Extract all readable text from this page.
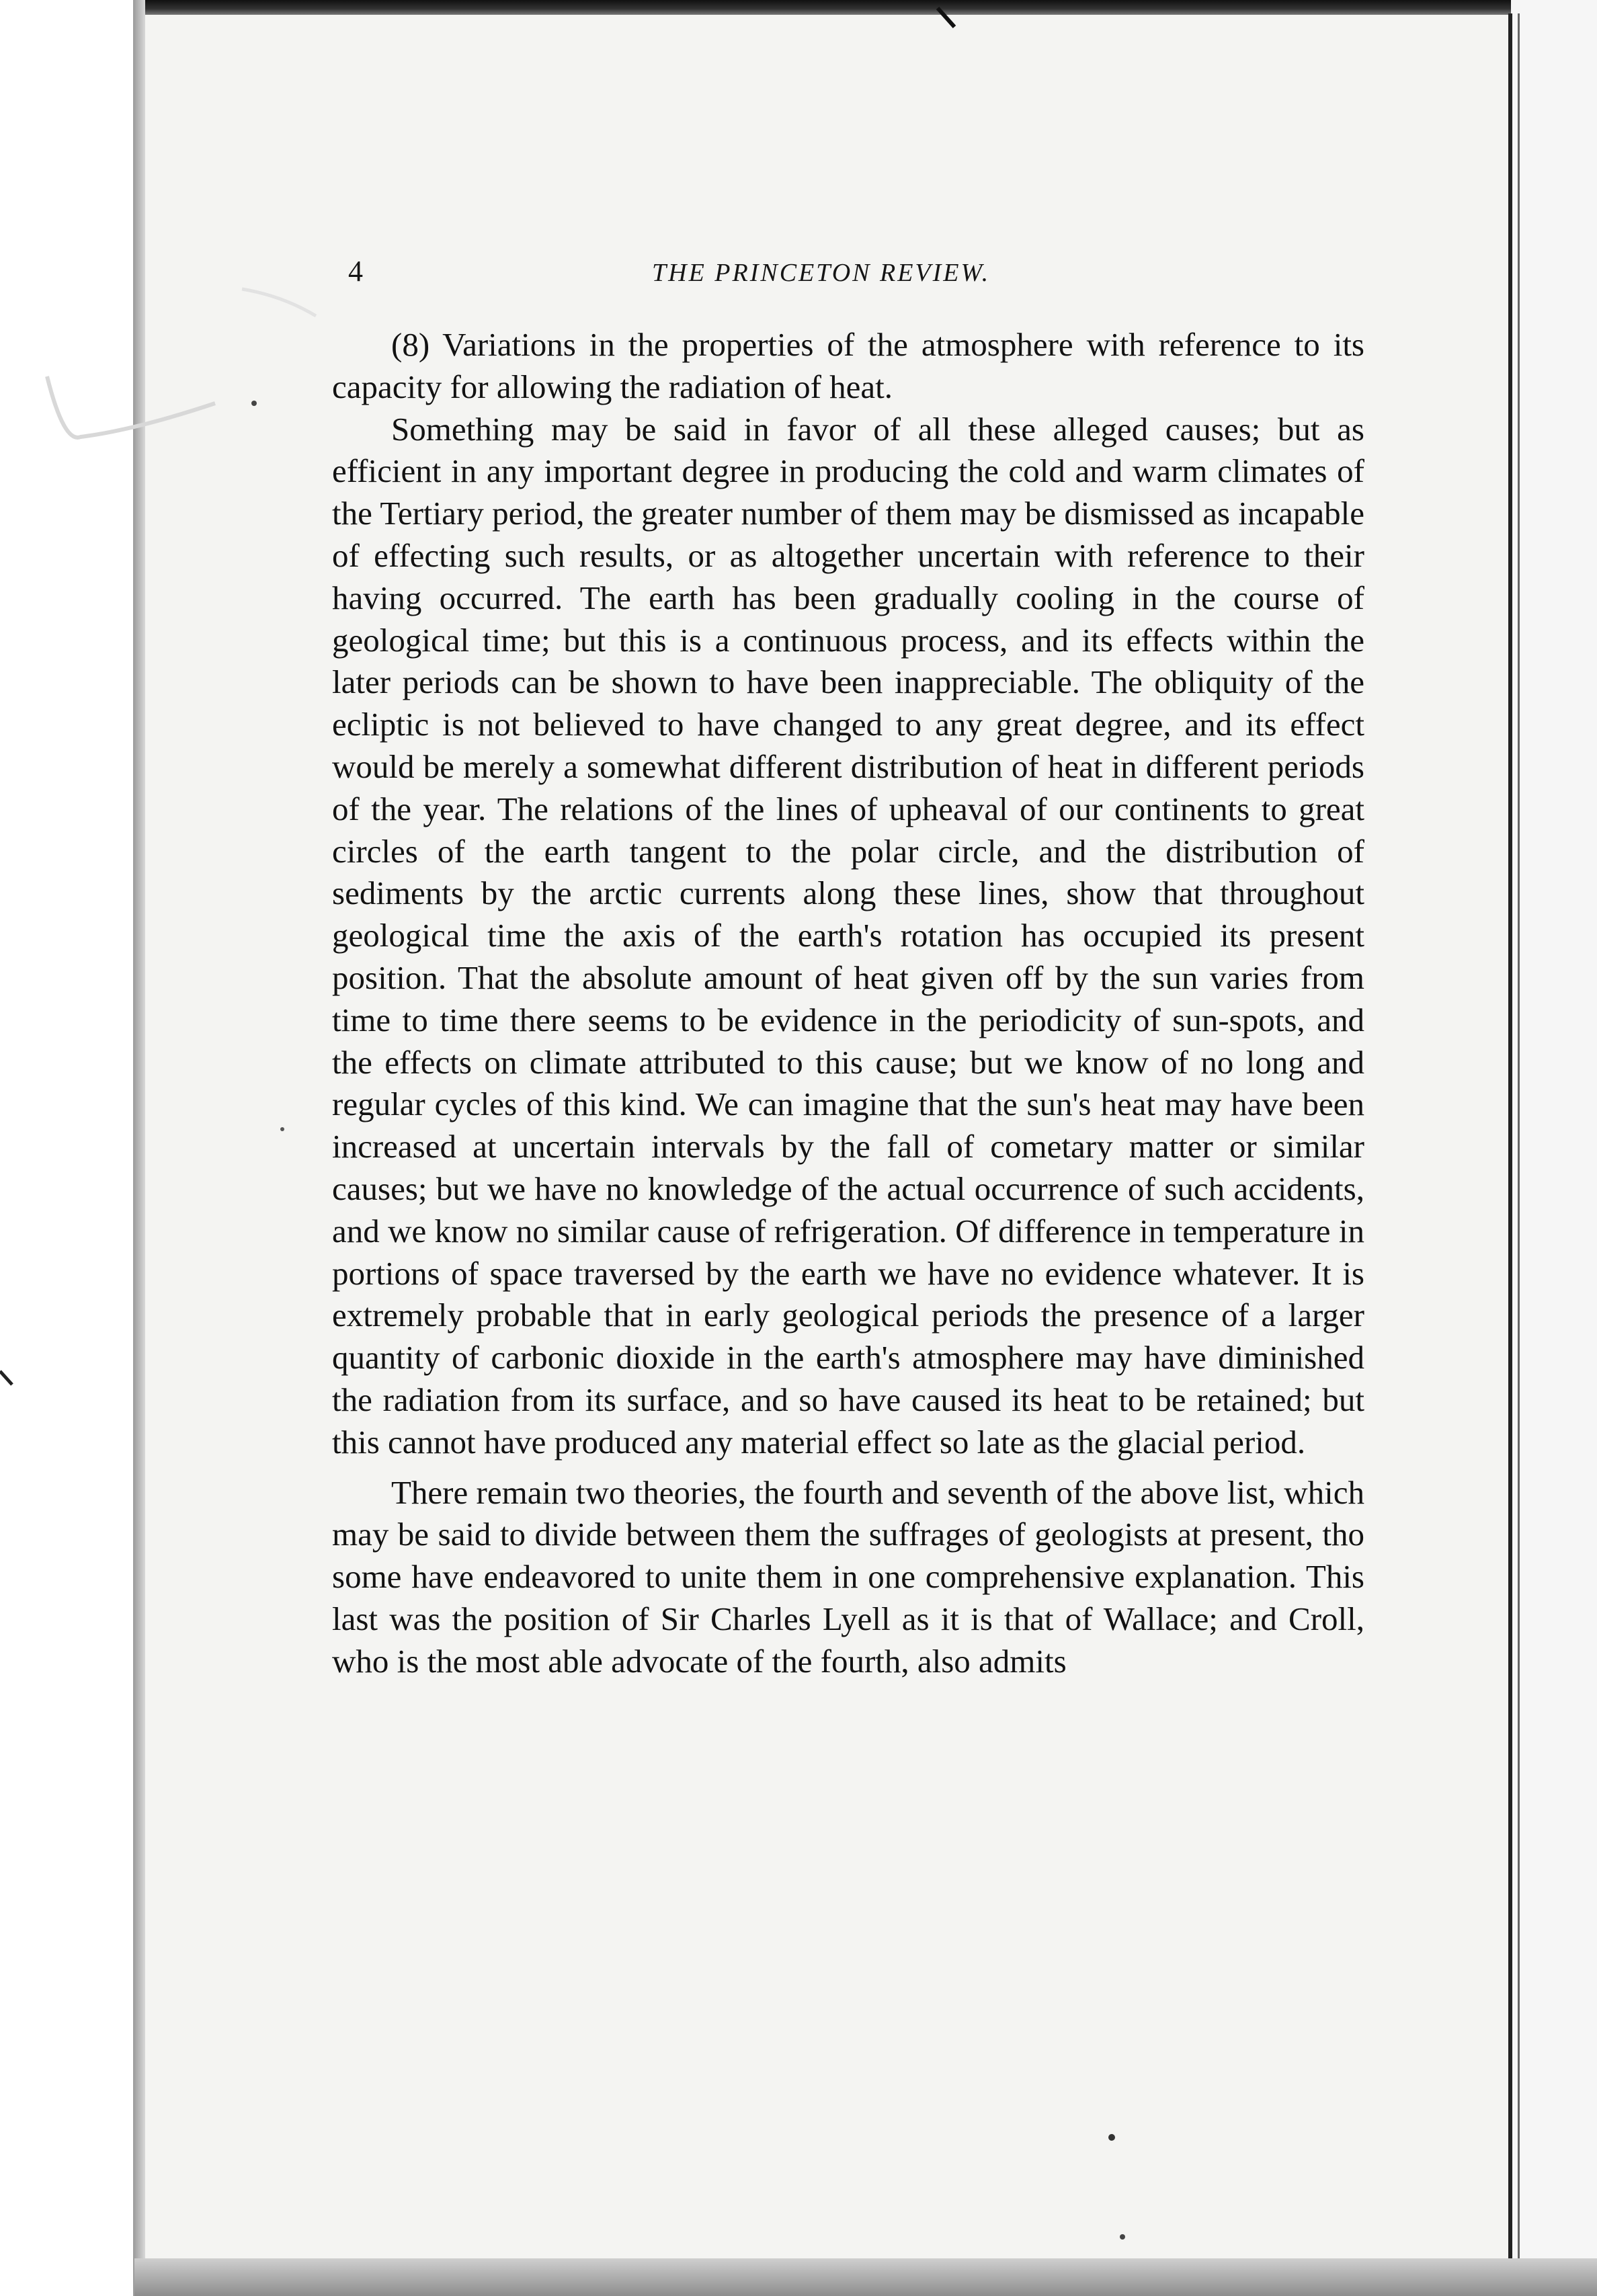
4	THE PRINCETON REVIEW.

(8) Variations in the properties of the atmosphere with reference to its capacity for allowing the radiation of heat.

Something may be said in favor of all these alleged causes; but as efficient in any important degree in producing the cold and warm climates of the Tertiary period, the greater number of them may be dismissed as incapable of effecting such results, or as altogether uncertain with reference to their having occurred. The earth has been gradually cooling in the course of geological time; but this is a continuous process, and its effects within the later periods can be shown to have been inappreciable. The obliquity of the ecliptic is not believed to have changed to any great degree, and its effect would be merely a somewhat different distribution of heat in different periods of the year. The relations of the lines of upheaval of our continents to great circles of the earth tangent to the polar circle, and the distribution of sediments by the arctic currents along these lines, show that throughout geological time the axis of the earth's rotation has occupied its present position. That the absolute amount of heat given off by the sun varies from time to time there seems to be evidence in the periodicity of sun-spots, and the effects on climate attributed to this cause; but we know of no long and regular cycles of this kind. We can imagine that the sun's heat may have been increased at uncertain intervals by the fall of cometary matter or similar causes; but we have no knowledge of the actual occurrence of such accidents, and we know no similar cause of refrigeration. Of difference in temperature in portions of space traversed by the earth we have no evidence whatever. It is extremely probable that in early geological periods the presence of a larger quantity of carbonic dioxide in the earth's atmosphere may have diminished the radiation from its surface, and so have caused its heat to be retained; but this cannot have produced any material effect so late as the glacial period.

There remain two theories, the fourth and seventh of the above list, which may be said to divide between them the suffrages of geologists at present, tho some have endeavored to unite them in one comprehensive explanation. This last was the position of Sir Charles Lyell as it is that of Wallace; and Croll, who is the most able advocate of the fourth, also admits
